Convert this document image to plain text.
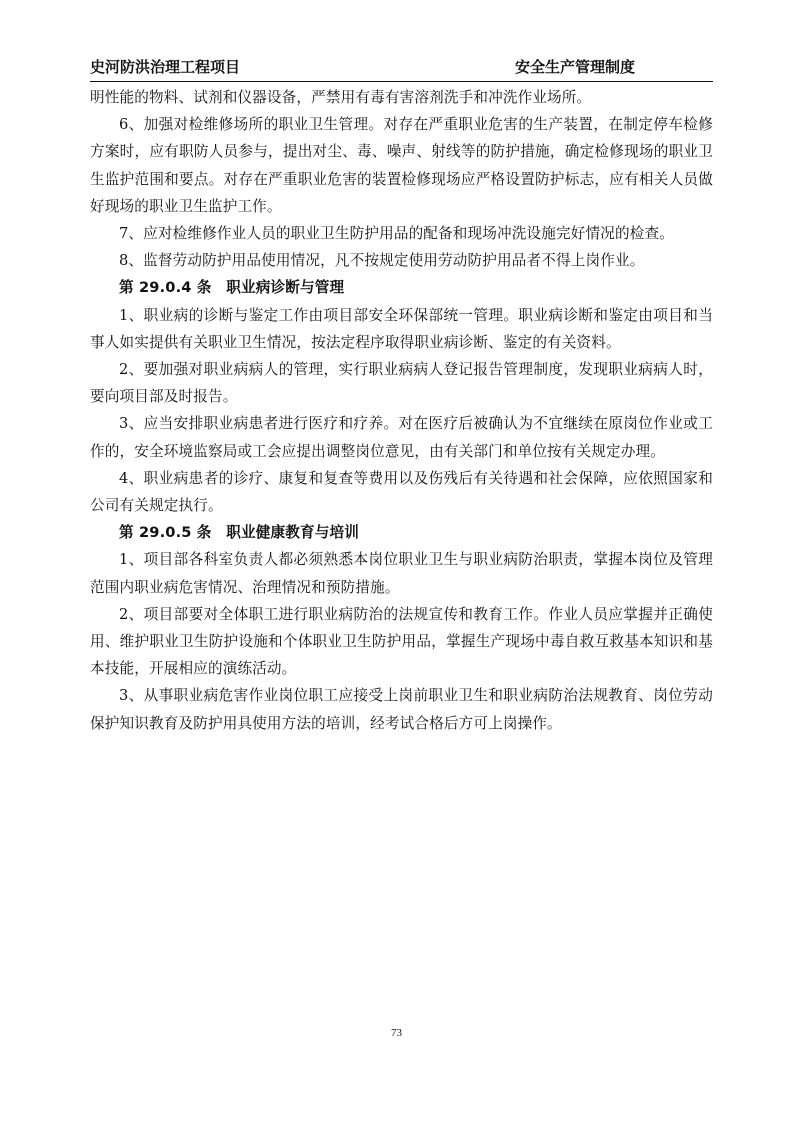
史河防洪治理工程项目	安全生产管理制度

明性能的物料、试剂和仪器设备，严禁用有毒有害溶剂洗手和冲洗作业场所。

6、加强对检维修场所的职业卫生管理。对存在严重职业危害的生产装置，在制定停车检修方案时，应有职防人员参与，提出对尘、毒、噪声、射线等的防护措施，确定检修现场的职业卫生监护范围和要点。对存在严重职业危害的装置检修现场应严格设置防护标志，应有相关人员做好现场的职业卫生监护工作。

7、应对检维修作业人员的职业卫生防护用品的配备和现场冲洗设施完好情况的检查。

8、监督劳动防护用品使用情况，凡不按规定使用劳动防护用品者不得上岗作业。

第 29.0.4 条　职业病诊断与管理

1、职业病的诊断与鉴定工作由项目部安全环保部统一管理。职业病诊断和鉴定由项目和当事人如实提供有关职业卫生情况，按法定程序取得职业病诊断、鉴定的有关资料。

2、要加强对职业病病人的管理，实行职业病病人登记报告管理制度，发现职业病病人时，要向项目部及时报告。

3、应当安排职业病患者进行医疗和疗养。对在医疗后被确认为不宜继续在原岗位作业或工作的，安全环境监察局或工会应提出调整岗位意见，由有关部门和单位按有关规定办理。

4、职业病患者的诊疗、康复和复查等费用以及伤残后有关待遇和社会保障，应依照国家和公司有关规定执行。

第 29.0.5 条　职业健康教育与培训

1、项目部各科室负责人都必须熟悉本岗位职业卫生与职业病防治职责，掌握本岗位及管理范围内职业病危害情况、治理情况和预防措施。

2、项目部要对全体职工进行职业病防治的法规宣传和教育工作。作业人员应掌握并正确使用、维护职业卫生防护设施和个体职业卫生防护用品，掌握生产现场中毒自救互救基本知识和基本技能，开展相应的演练活动。

3、从事职业病危害作业岗位职工应接受上岗前职业卫生和职业病防治法规教育、岗位劳动保护知识教育及防护用具使用方法的培训，经考试合格后方可上岗操作。

73
